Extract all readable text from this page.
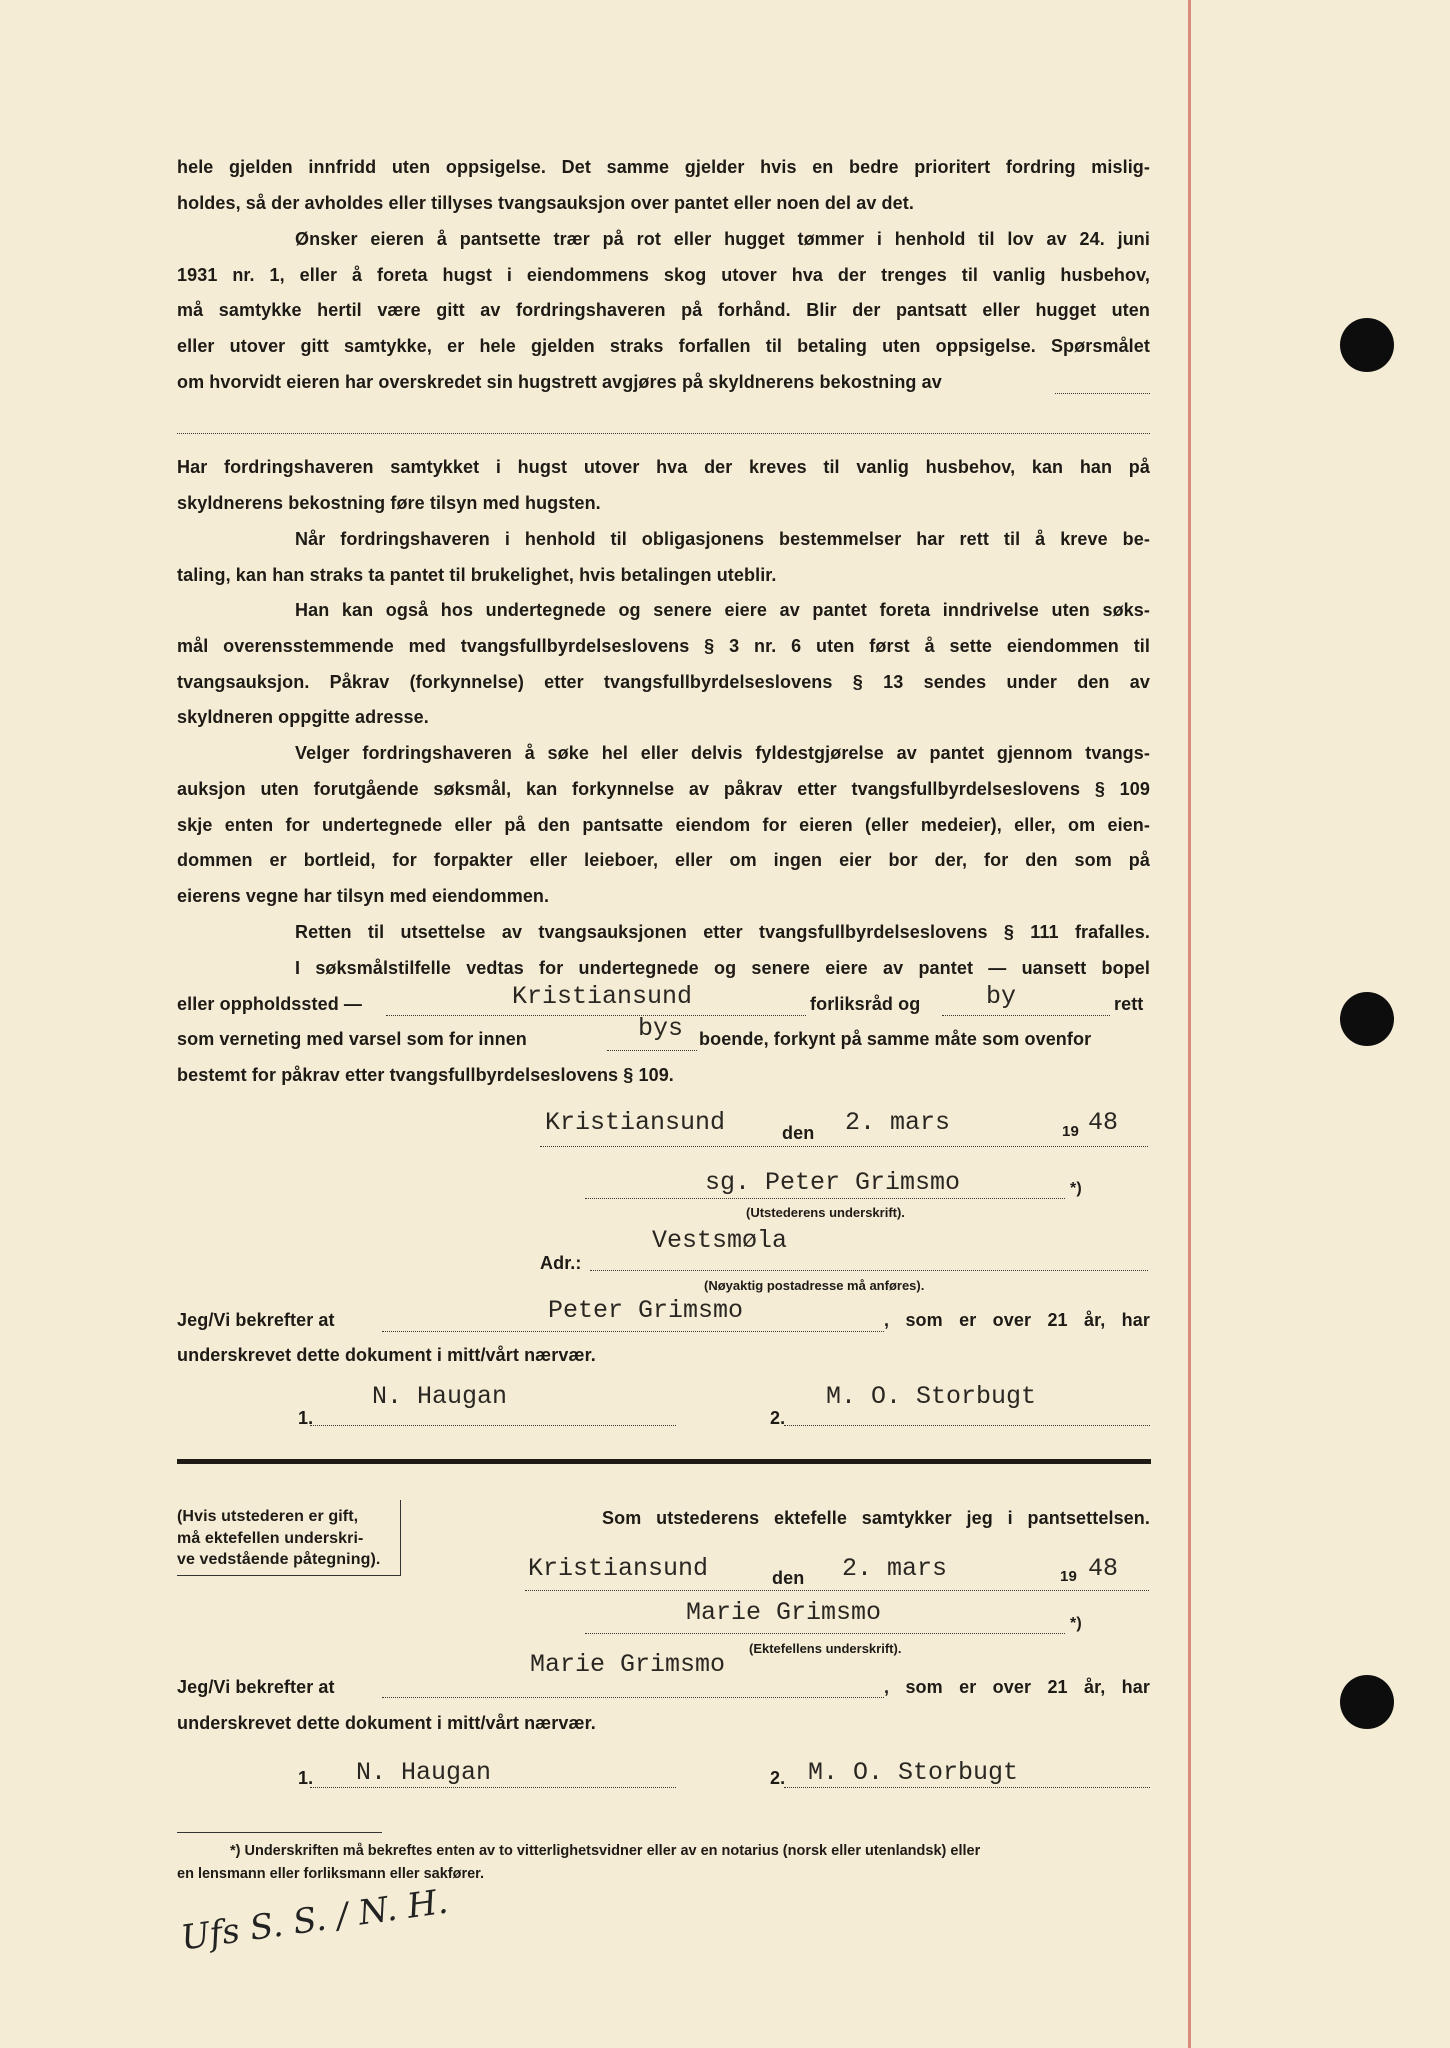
hele gjelden innfridd uten oppsigelse. Det samme gjelder hvis en bedre prioritert fordring mislig-
holdes, så der avholdes eller tillyses tvangsauksjon over pantet eller noen del av det.
Ønsker eieren å pantsette trær på rot eller hugget tømmer i henhold til lov av 24. juni
1931 nr. 1, eller å foreta hugst i eiendommens skog utover hva der trenges til vanlig husbehov,
må samtykke hertil være gitt av fordringshaveren på forhånd. Blir der pantsatt eller hugget uten
eller utover gitt samtykke, er hele gjelden straks forfallen til betaling uten oppsigelse. Spørsmålet
om hvorvidt eieren har overskredet sin hugstrett avgjøres på skyldnerens bekostning av
Har fordringshaveren samtykket i hugst utover hva der kreves til vanlig husbehov, kan han på
skyldnerens bekostning føre tilsyn med hugsten.
Når fordringshaveren i henhold til obligasjonens bestemmelser har rett til å kreve be-
taling, kan han straks ta pantet til brukelighet, hvis betalingen uteblir.
Han kan også hos undertegnede og senere eiere av pantet foreta inndrivelse uten søks-
mål overensstemmende med tvangsfullbyrdelseslovens § 3 nr. 6 uten først å sette eiendommen til
tvangsauksjon. Påkrav (forkynnelse) etter tvangsfullbyrdelseslovens § 13 sendes under den av
skyldneren oppgitte adresse.
Velger fordringshaveren å søke hel eller delvis fyldestgjørelse av pantet gjennom tvangs-
auksjon uten forutgående søksmål, kan forkynnelse av påkrav etter tvangsfullbyrdelseslovens § 109
skje enten for undertegnede eller på den pantsatte eiendom for eieren (eller medeier), eller, om eien-
dommen er bortleid, for forpakter eller leieboer, eller om ingen eier bor der, for den som på
eierens vegne har tilsyn med eiendommen.
Retten til utsettelse av tvangsauksjonen etter tvangsfullbyrdelseslovens § 111 frafalles.
I søksmålstilfelle vedtas for undertegnede og senere eiere av pantet — uansett bopel
eller oppholdssted —	Kristiansund	forliksråd og	by	rett
som verneting med varsel som for innen	bys boende, forkynt på samme måte som ovenfor
bestemt for påkrav etter tvangsfullbyrdelseslovens § 109.
Kristiansund	den 2. mars	19 48
sg. Peter Grimsmo	*)
(Utstederens underskrift).
Adr.:
Vestsmøla
(Nøyaktig postadresse må anføres).
Jeg/Vi bekrefter at	Peter Grimsmo	, som er over 21 år, har
underskrevet dette dokument i mitt/vårt nærvær.
1.
N. Haugan
2.
M. O. Storbugt
(Hvis utstederen er gift,
må ektefellen underskri-
ve vedstående påtegning).
Som utstederens ektefelle samtykker jeg i pantsettelsen.
Kristiansund	den 2. mars	19 48
Marie Grimsmo	*)
(Ektefellens underskrift).
Jeg/Vi bekrefter at
Marie Grimsmo
, som er over 21 år, har
underskrevet dette dokument i mitt/vårt nærvær.
1. N. Haugan	2. M. O. Storbugt
*) Underskriften må bekreftes enten av to vitterlighetsvidner eller av en notarius (norsk eller utenlandsk) eller
en lensmann eller forliksmann eller sakfører.
Ufs S. S. / N. H.
